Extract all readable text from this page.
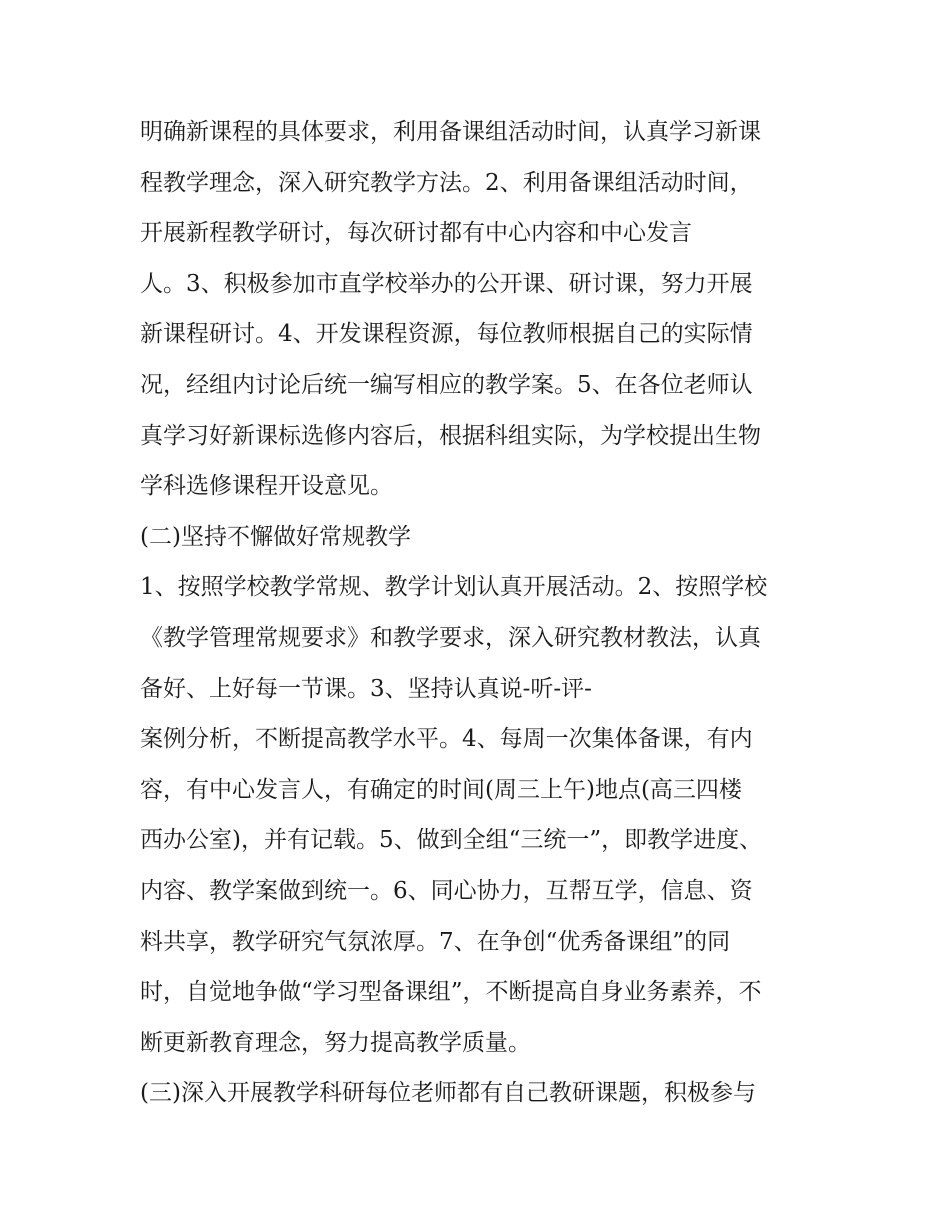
明确新课程的具体要求，利用备课组活动时间，认真学习新课
程教学理念，深入研究教学方法。2、利用备课组活动时间，
开展新程教学研讨，每次研讨都有中心内容和中心发言
人。3、积极参加市直学校举办的公开课、研讨课，努力开展
新课程研讨。4、开发课程资源，每位教师根据自己的实际情
况，经组内讨论后统一编写相应的教学案。5、在各位老师认
真学习好新课标选修内容后，根据科组实际，为学校提出生物
学科选修课程开设意见。
(二)坚持不懈做好常规教学
1、按照学校教学常规、教学计划认真开展活动。2、按照学校
《教学管理常规要求》和教学要求，深入研究教材教法，认真
备好、上好每一节课。3、坚持认真说-听-评-
案例分析，不断提高教学水平。4、每周一次集体备课，有内
容，有中心发言人，有确定的时间(周三上午)地点(高三四楼
西办公室)，并有记载。5、做到全组“三统一”，即教学进度、
内容、教学案做到统一。6、同心协力，互帮互学，信息、资
料共享，教学研究气氛浓厚。7、在争创“优秀备课组”的同
时，自觉地争做“学习型备课组”，不断提高自身业务素养，不
断更新教育理念，努力提高教学质量。
(三)深入开展教学科研每位老师都有自己教研课题，积极参与
